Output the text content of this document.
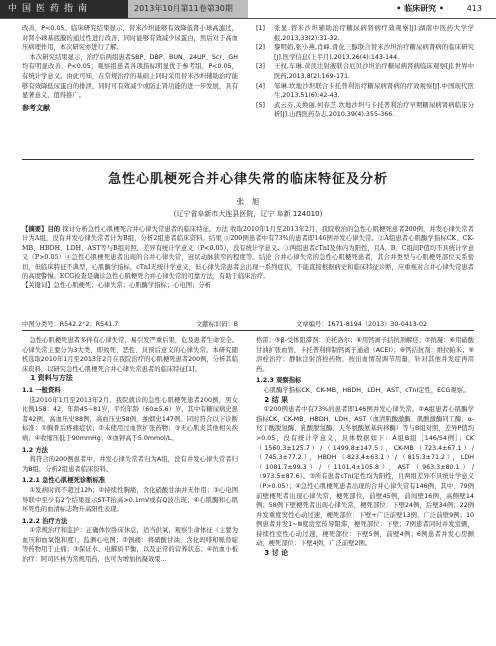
中国医药指南	2013年10月第11卷第30期	• 临床研究 •	413

改善，P<0.05。临床研究结果显示，替米沙坦能够有效降低肾小球高滤过，对肾小球基底膜的通过性进行改善，同时能够有效减少尿蛋白，然后对于高血压病理作用，本次研究亦进行了解。

本次研究结果显示，治疗后两组患者SBP、DBP、BUN、24UP、Scr、GH均有明显改善，P<0.05；观察组患者各项指标明显优于参考组，P<0.05，有统计学意义。由此可知，在常规治疗的基础上同时采用替米沙坦辅助治疗能够有效降低尿蛋白的排泄，同时可有效减少或防止肾功能的进一步发展，具有显著意义，值得推广。

参考文献

[1] 张显.替米沙坦辅助治疗糖尿病肾病疗效观察[J].湖南中医药大学学报,2013,33(2):31-32.

[2] 黎明娟,张小燕,肖峰.骨化三醇联合替米沙坦治疗糖尿病肾病的临床研究[J].医学信息(上半月),2013,26(4):143-144.

[3] 王权,车琳.黄芪注射液联合厄贝沙坦治疗糖尿病肾病临床观察[J].世界中医药,2013,8(2):169-171.

[4] 邹琳.坎地沙坦联合卡托普利治疗糖尿病肾病的疗效观察[J].中国现代医生,2013,51(6):42-43.

[5] 武云芬,关焕丽,何春芝.坎地沙坦与卡托普利治疗早期糖尿病肾病临床分析[J].山西医药杂志,2010,39(4):355-366.

急性心肌梗死合并心律失常的临床特征及分析
张　旭
(辽宁省阜新市大连县医院，辽宁 阜新 124010)
【摘要】目的 探讨分析急性心肌梗死合并心律失常患者的临床特征。方法 收取2010年1月至2013年2月，我院收治的急性心肌梗死患者200例，并发心律失常者计为A组，没有并发心律失常者计为B组，分析2组患者临床资料。结果 ①200例患者中有73%的患者即146例并发心律失常。②A组患者心肌酶学指标CK、CK-MB、HBDH、LDH、AST等与B组对照，差异有统计学意义（P<0.05），没有统计学意义。③两组患者cTnI及体内为阳性，且A、B、C组间P值均不具统计学意义（P>0.05）④急性心肌梗死患者出现的合并心律失常，冠状动脉狭窄的程度等。结论 合并心律失常的急性心肌梗死患者，其合并类型与心肌梗死部位关系密切，但临床特征不典型，心肌酶学指标，cTnI无统计学意义，但心律失常患者会出现一系列症状，不能直接根据病史和临床特征诊断，应重视对合并心律失常患者的高度警惕。ECG检查是确诊急性心肌梗死合并心律失常的可靠方法，有助于临床治疗。
【关键词】急性心肌梗死；心律失常；心肌酶学指标；心电图；分析
中图分类号：R542.2⁺2；R541.7	文献标识码：B	文章编号：1671-8194（2013）30-0413-02

急性心肌梗死患者多伴有心律失常，易引发严重后果，危及患者生命安全。心律失常主要分为3大类，即致死、恶性、具预后意义的心律失常。本研究随机选取2010年1月至2013年2月在我院治疗的心肌梗死患者200例，分析其临床资料，以研究急性心肌梗死合并心律失常患者的临床特征[1]。

1 资料与方法

1.1 一般资料

选2010年1月至2013年2月，我院就诊的急性心肌梗死患者200例，男女比例158：42，年龄45~81岁，平均年龄（60±5.6）岁，其中有糖尿病史患者42例，高血压史88例，高血压史58例，抽烟史147例。同时符合以下诊断标准：①胸骨后疼痛症状；②未使用过血管扩张药物；③无心肌炎其他相关疾病；④收缩压低于90mmHg；⑤血钾高于5.0mmol/L。

1.2 方法

将符合的200例患者中，并发心律失常者归为A组，没有并发心律失常者归为B组，分析2组患者临床资料。

1.2.1 急性心肌梗死诊断标准

①发病时间不超过12h；②持续性胸痛，含化硝酸甘油并无作用；③心电图导联中至少有2个结果显示ST-T抬高>0.1mV或有Q波出现；④心肌酶和心肌坏死性的血清标志物升高阳性表现。

1.2.2 治疗方法

①常规治疗和监护：正确体位卧床休息，适当供氧，观察生命体征（主要为血压和血氧饱和度），监测心电图；②镇痛：将硝酸甘油、含化吗啡和哌替啶等药物用于止痛；③保证水、电解质平衡，以及正常的营养状态；④抗血小板治疗：阿司匹林为常规用药，也可为增加抗凝效果...

格雷；⑤β-受体阻滞剂：美托洛尔；⑥用钙离子拮抗剂解痉；⑦抗凝：⑥用硝酸甘油扩张血管，卡托普利抑制钙离子通道（ACEI）；⑧钙拮抗剂：维拉帕米；⑨溶栓治疗；静脉注射溶栓药物，按出血情况调节用量，针对其他并发症再用药。

1.2.3 观察指标

心肌酶学指标CK、CK-MB、HBDH、LDH、AST、cTnI定性，ECG观察。

2 结 果

①200例患者中有73%的患者即146例并发心律失常。②A组患者心肌酶学指标CK、CK-MB、HBDH、LDH、AST（血清肌酸激酶、肌酸激酶同工酶、α-羟丁酸脱氢酶、乳酸脱氢酶、天冬氨酸氨基转移酶）等与B组对照，差异P值均>0.05，没有统计学意义，具体数据如下：A组B组［146/54例］；CK（1560.3±125.7）/（1499.8±147.5），CK-MB（723.4±67.1）/（745.3±77.2），HBDH（823.4±63.1）/（815.3±71.2），LDH（1081.7±99.3）/（1101.4±105.8），AST（963.3±80.1）/（973.5±87.6）。③所有患者cTnI定性均为阳性，且两组差异不具统计学意义（P>0.05）；④急性心肌梗死患者出现的合并心律失常有146例，其中，79例前壁梗死者出现心律失常，梗死部位，前壁45例，前间壁16例，高侧壁14例；58例下壁梗死者出现心律失常，梗死部位：下壁24例，后壁34例；22例并发重度窦性心动过速，梗死部位：下壁+广泛前壁13例，广泛前壁9例；10例患者并发1~Ⅲ度房室传导阻滞，梗死部位：下壁；7例患者同时并发室颤，持续性室性心动过速，梗死部位：下壁5例，前壁4例；6例患者并发心房颤动，梗死部位：下壁4例，广泛前壁2例。

3 讨 论
